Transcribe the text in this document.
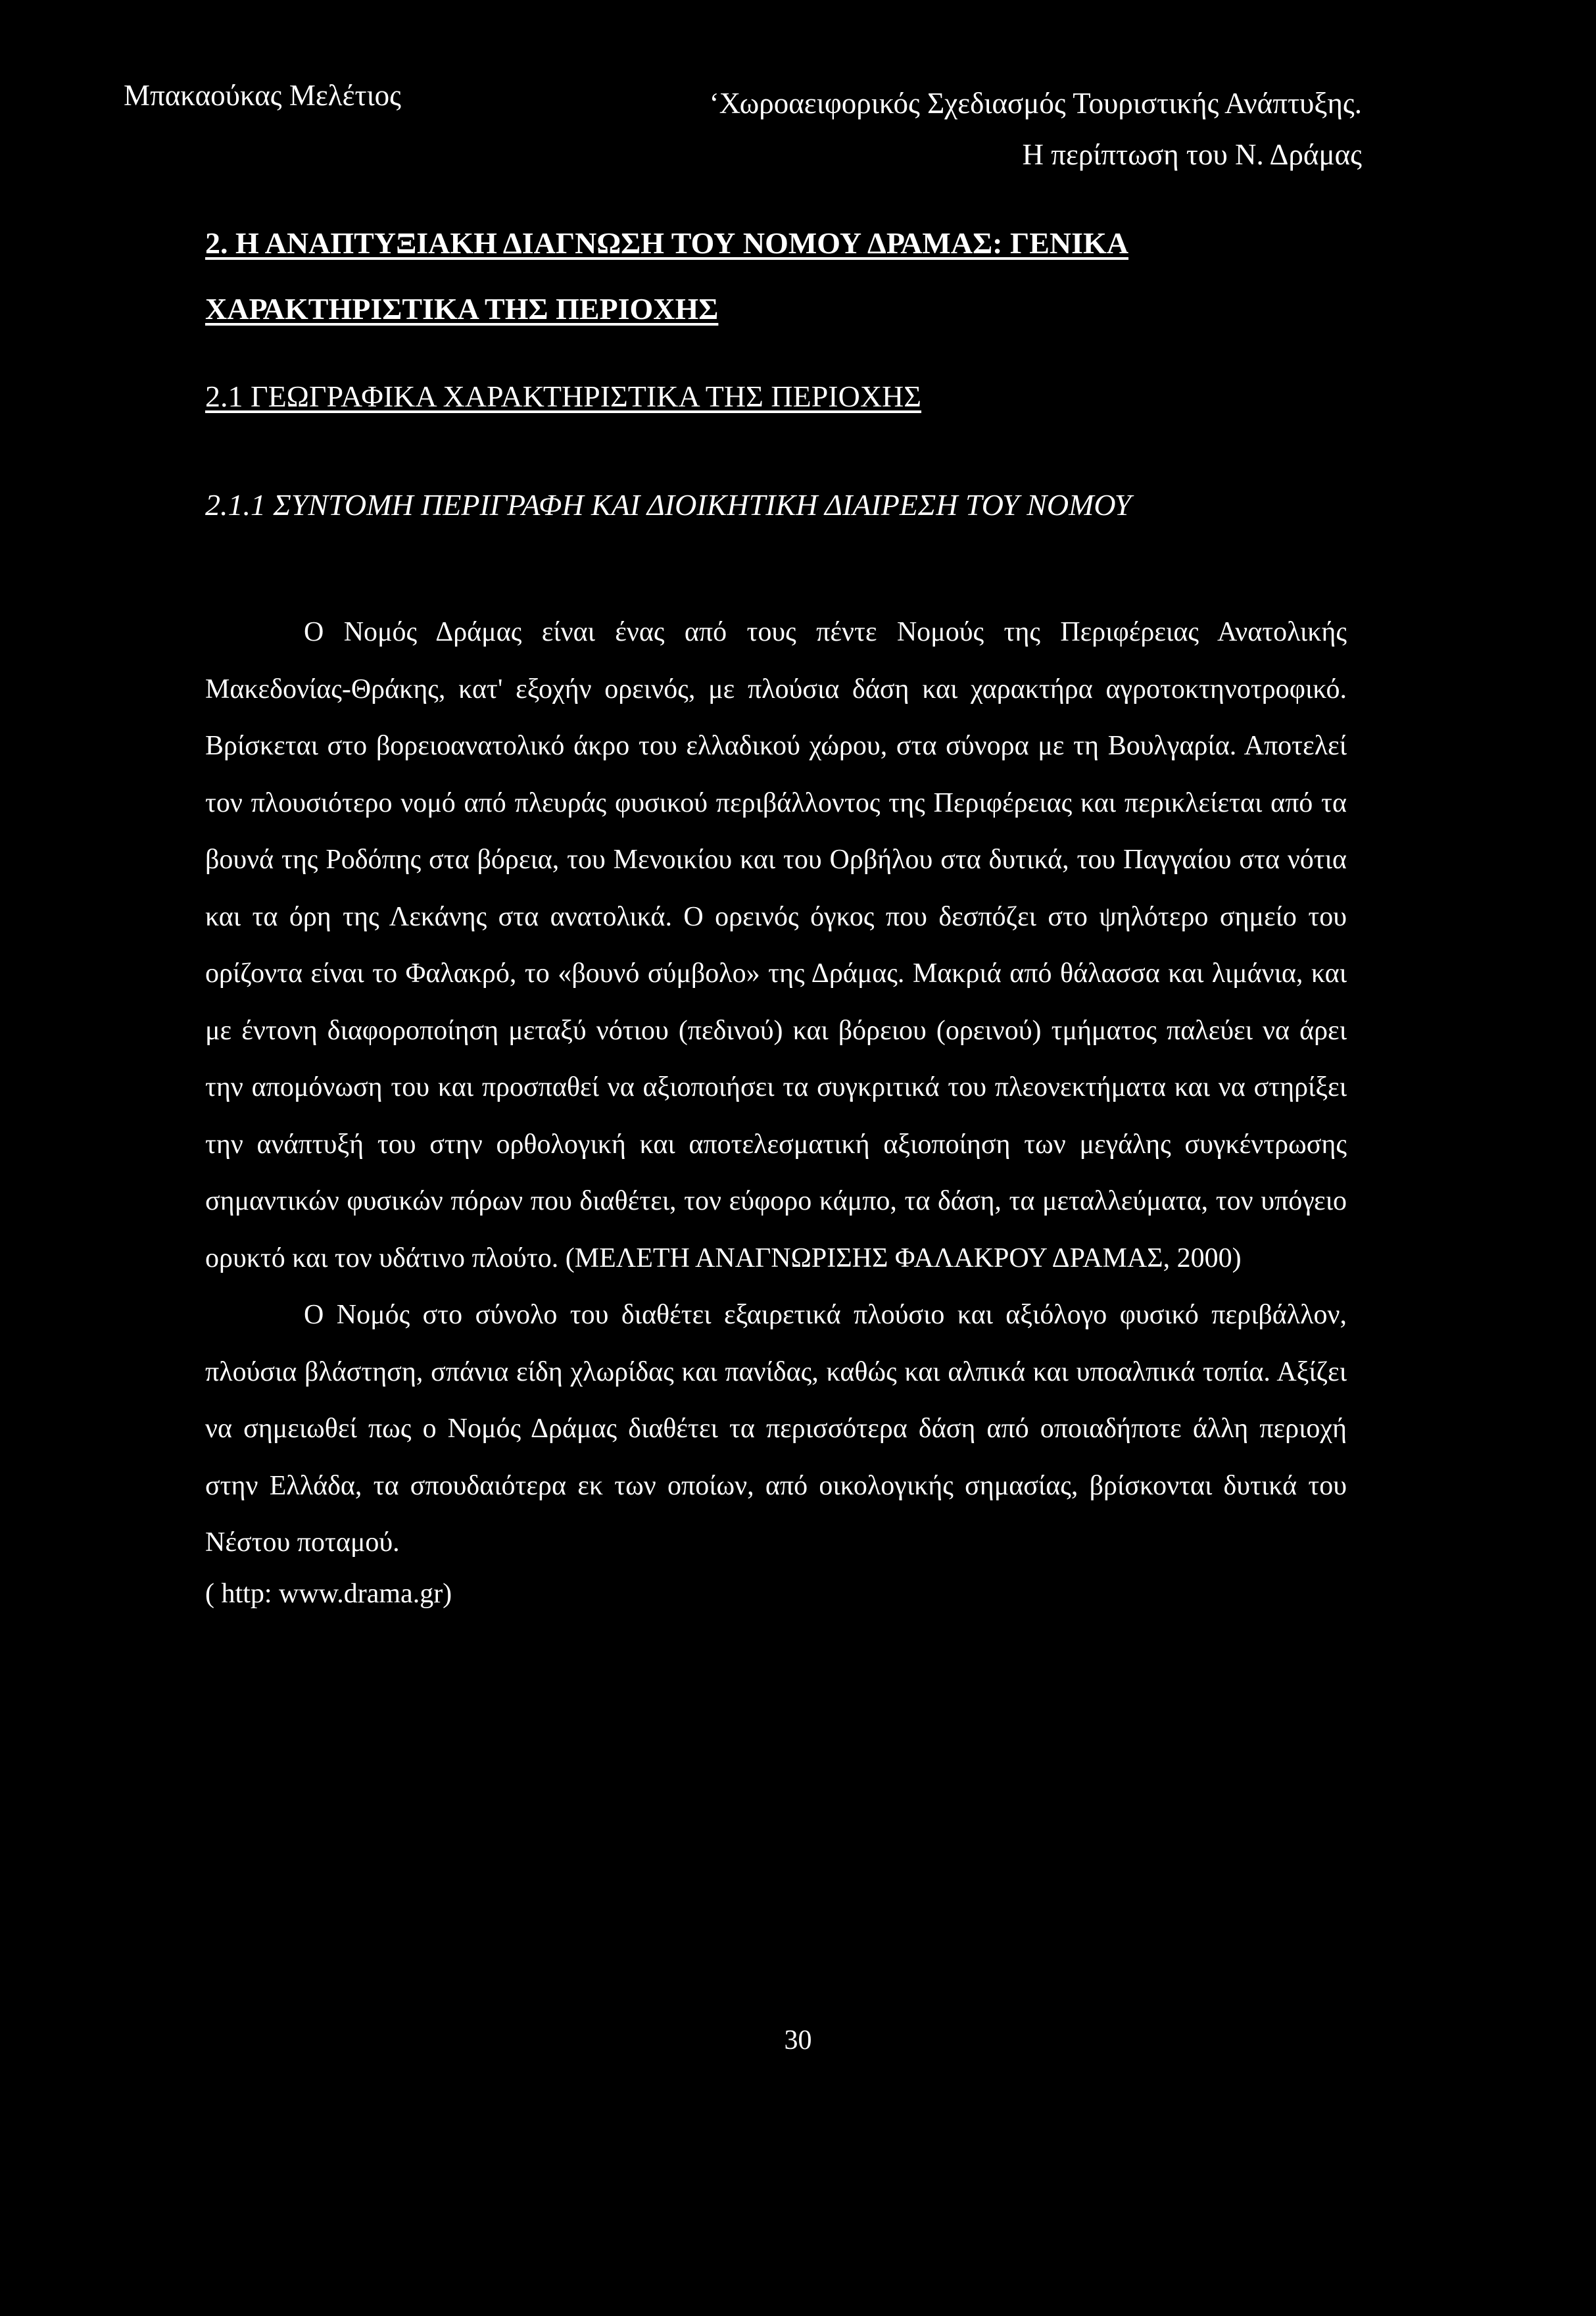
Μπακαούκας Μελέτιος	‘Χωροαειφορικός Σχεδιασμός Τουριστικής Ανάπτυξης.
Η περίπτωση του Ν. Δράμας
2. Η ΑΝΑΠΤΥΞΙΑΚΗ ΔΙΑΓΝΩΣΗ ΤΟΥ ΝΟΜΟΥ ΔΡΑΜΑΣ: ΓΕΝΙΚΑ ΧΑΡΑΚΤΗΡΙΣΤΙΚΑ ΤΗΣ ΠΕΡΙΟΧΗΣ
2.1 ΓΕΩΓΡΑΦΙΚΑ ΧΑΡΑΚΤΗΡΙΣΤΙΚΑ ΤΗΣ ΠΕΡΙΟΧΗΣ
2.1.1 ΣΥΝΤΟΜΗ ΠΕΡΙΓΡΑΦΗ ΚΑΙ ΔΙΟΙΚΗΤΙΚΗ ΔΙΑΙΡΕΣΗ ΤΟΥ ΝΟΜΟΥ

Ο Νομός Δράμας είναι ένας από τους πέντε Νομούς της Περιφέρειας Ανατολικής Μακεδονίας-Θράκης, κατ' εξοχήν ορεινός, με πλούσια δάση και χαρακτήρα αγροτοκτηνοτροφικό. Βρίσκεται στο βορειοανατολικό άκρο του ελλαδικού χώρου, στα σύνορα με τη Βουλγαρία. Αποτελεί τον πλουσιότερο νομό από πλευράς φυσικού περιβάλλοντος της Περιφέρειας και περικλείεται από τα βουνά της Ροδόπης στα βόρεια, του Μενοικίου και του Ορβήλου στα δυτικά, του Παγγαίου στα νότια και τα όρη της Λεκάνης στα ανατολικά. Ο ορεινός όγκος που δεσπόζει στο ψηλότερο σημείο του ορίζοντα είναι το Φαλακρό, το «βουνό σύμβολο» της Δράμας. Μακριά από θάλασσα και λιμάνια, και με έντονη διαφοροποίηση μεταξύ νότιου (πεδινού) και βόρειου (ορεινού) τμήματος παλεύει να άρει την απομόνωση του και προσπαθεί να αξιοποιήσει τα συγκριτικά του πλεονεκτήματα και να στηρίξει την ανάπτυξή του στην ορθολογική και αποτελεσματική αξιοποίηση των μεγάλης συγκέντρωσης σημαντικών φυσικών πόρων που διαθέτει, τον εύφορο κάμπο, τα δάση, τα μεταλλεύματα, τον υπόγειο ορυκτό και τον υδάτινο πλούτο. (ΜΕΛΕΤΗ ΑΝΑΓΝΩΡΙΣΗΣ ΦΑΛΑΚΡΟΥ ΔΡΑΜΑΣ, 2000)

Ο Νομός στο σύνολο του διαθέτει εξαιρετικά πλούσιο και αξιόλογο φυσικό περιβάλλον, πλούσια βλάστηση, σπάνια είδη χλωρίδας και πανίδας, καθώς και αλπικά και υποαλπικά τοπία. Αξίζει να σημειωθεί πως ο Νομός Δράμας διαθέτει τα περισσότερα δάση από οποιαδήποτε άλλη περιοχή στην Ελλάδα, τα σπουδαιότερα εκ των οποίων, από οικολογικής σημασίας, βρίσκονται δυτικά του Νέστου ποταμού.

( http: www.drama.gr)
30
